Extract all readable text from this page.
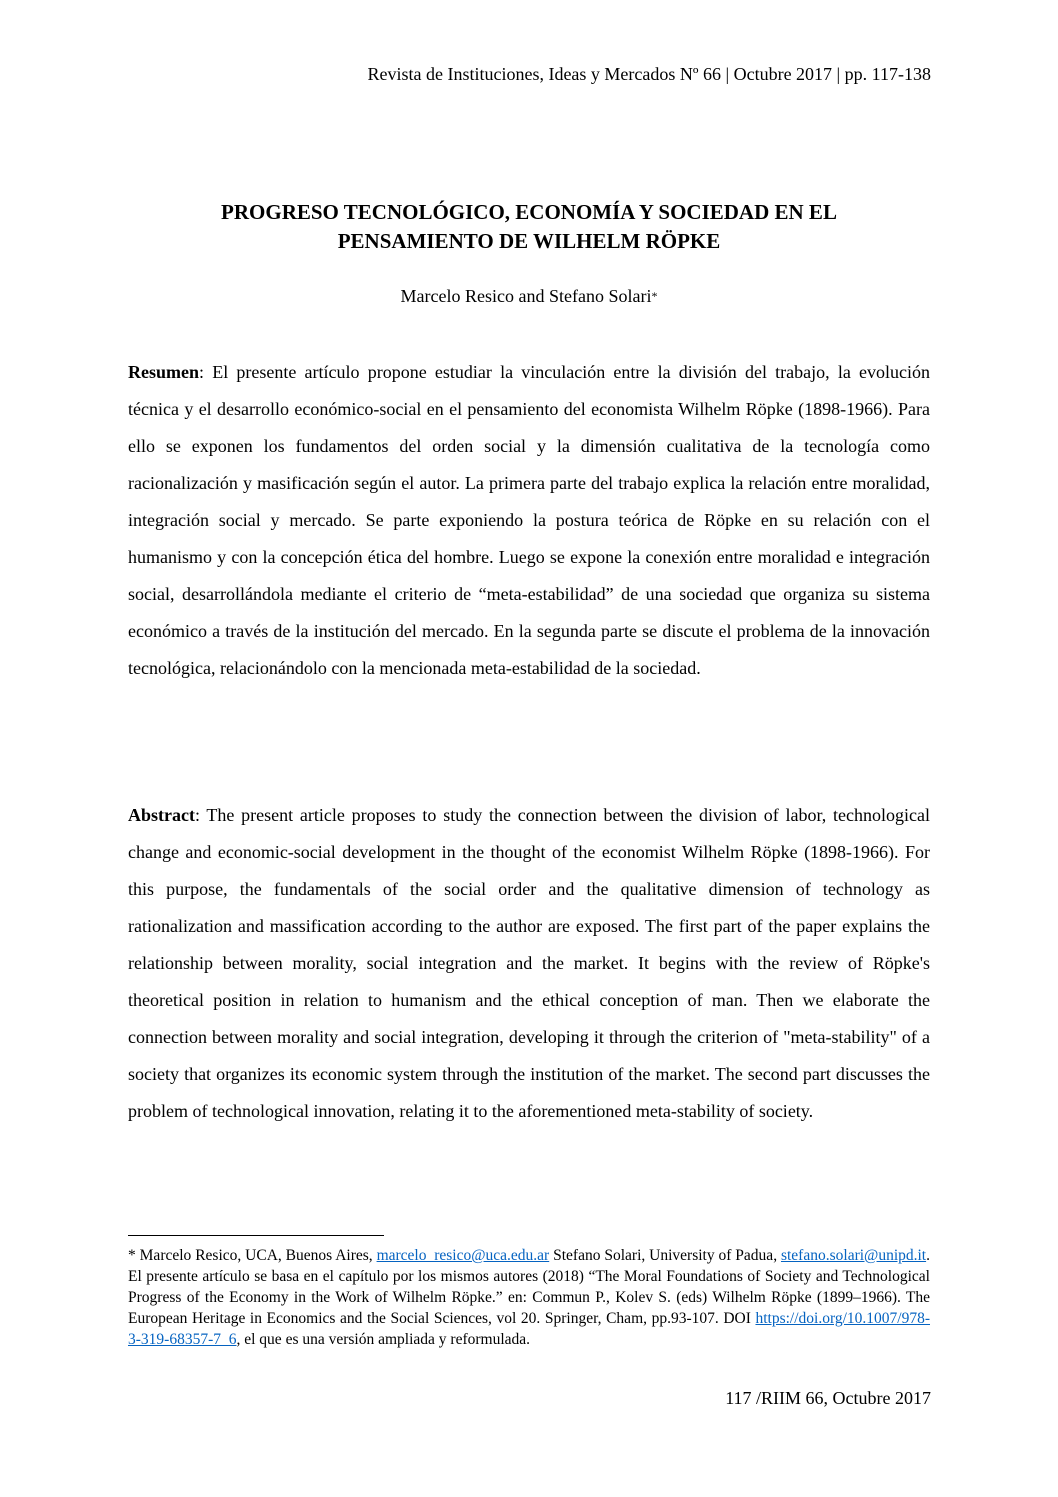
Revista de Instituciones, Ideas y Mercados Nº 66 | Octubre 2017 | pp. 117-138
PROGRESO TECNOLÓGICO, ECONOMÍA Y SOCIEDAD EN EL
PENSAMIENTO DE WILHELM RÖPKE
Marcelo Resico and Stefano Solari*
Resumen: El presente artículo propone estudiar la vinculación entre la división del trabajo, la evolución técnica y el desarrollo económico-social en el pensamiento del economista Wilhelm Röpke (1898-1966). Para ello se exponen los fundamentos del orden social y la dimensión cualitativa de la tecnología como racionalización y masificación según el autor. La primera parte del trabajo explica la relación entre moralidad, integración social y mercado. Se parte exponiendo la postura teórica de Röpke en su relación con el humanismo y con la concepción ética del hombre. Luego se expone la conexión entre moralidad e integración social, desarrollándola mediante el criterio de “meta-estabilidad” de una sociedad que organiza su sistema económico a través de la institución del mercado. En la segunda parte se discute el problema de la innovación tecnológica, relacionándolo con la mencionada meta-estabilidad de la sociedad.
Abstract: The present article proposes to study the connection between the division of labor, technological change and economic-social development in the thought of the economist Wilhelm Röpke (1898-1966). For this purpose, the fundamentals of the social order and the qualitative dimension of technology as rationalization and massification according to the author are exposed. The first part of the paper explains the relationship between morality, social integration and the market. It begins with the review of Röpke's theoretical position in relation to humanism and the ethical conception of man. Then we elaborate the connection between morality and social integration, developing it through the criterion of "meta-stability" of a society that organizes its economic system through the institution of the market. The second part discusses the problem of technological innovation, relating it to the aforementioned meta-stability of society.
* Marcelo Resico, UCA, Buenos Aires, marcelo_resico@uca.edu.ar Stefano Solari, University of Padua, stefano.solari@unipd.it. El presente artículo se basa en el capítulo por los mismos autores (2018) “The Moral Foundations of Society and Technological Progress of the Economy in the Work of Wilhelm Röpke.” en: Commun P., Kolev S. (eds) Wilhelm Röpke (1899–1966). The European Heritage in Economics and the Social Sciences, vol 20. Springer, Cham, pp.93-107. DOI https://doi.org/10.1007/978-3-319-68357-7_6, el que es una versión ampliada y reformulada.
117 /RIIM 66, Octubre 2017
